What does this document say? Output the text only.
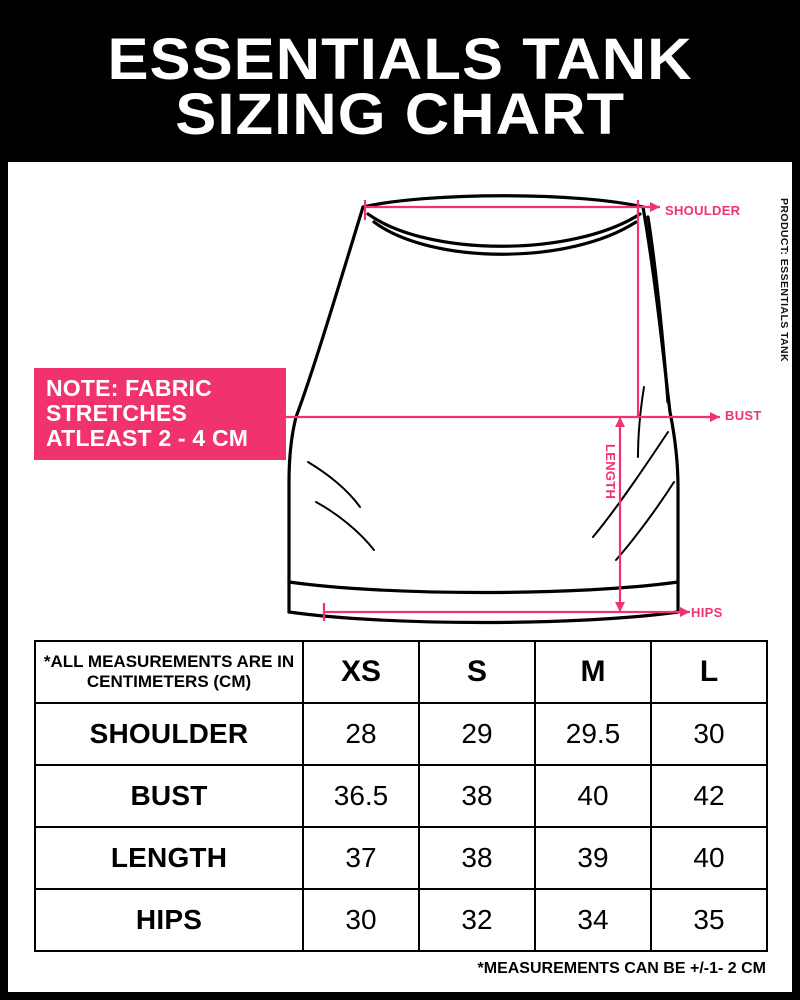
ESSENTIALS TANK
SIZING CHART
PRODUCT: ESSENTIALS TANK
SHOULDER
BUST
LENGTH
HIPS
NOTE: FABRIC STRETCHES ATLEAST 2 - 4 CM
*ALL MEASUREMENTS ARE IN CENTIMETERS (CM)	XS	S	M	L
SHOULDER	28	29	29.5	30
BUST	36.5	38	40	42
LENGTH	37	38	39	40
HIPS	30	32	34	35
*MEASUREMENTS CAN BE +/-1- 2 CM
